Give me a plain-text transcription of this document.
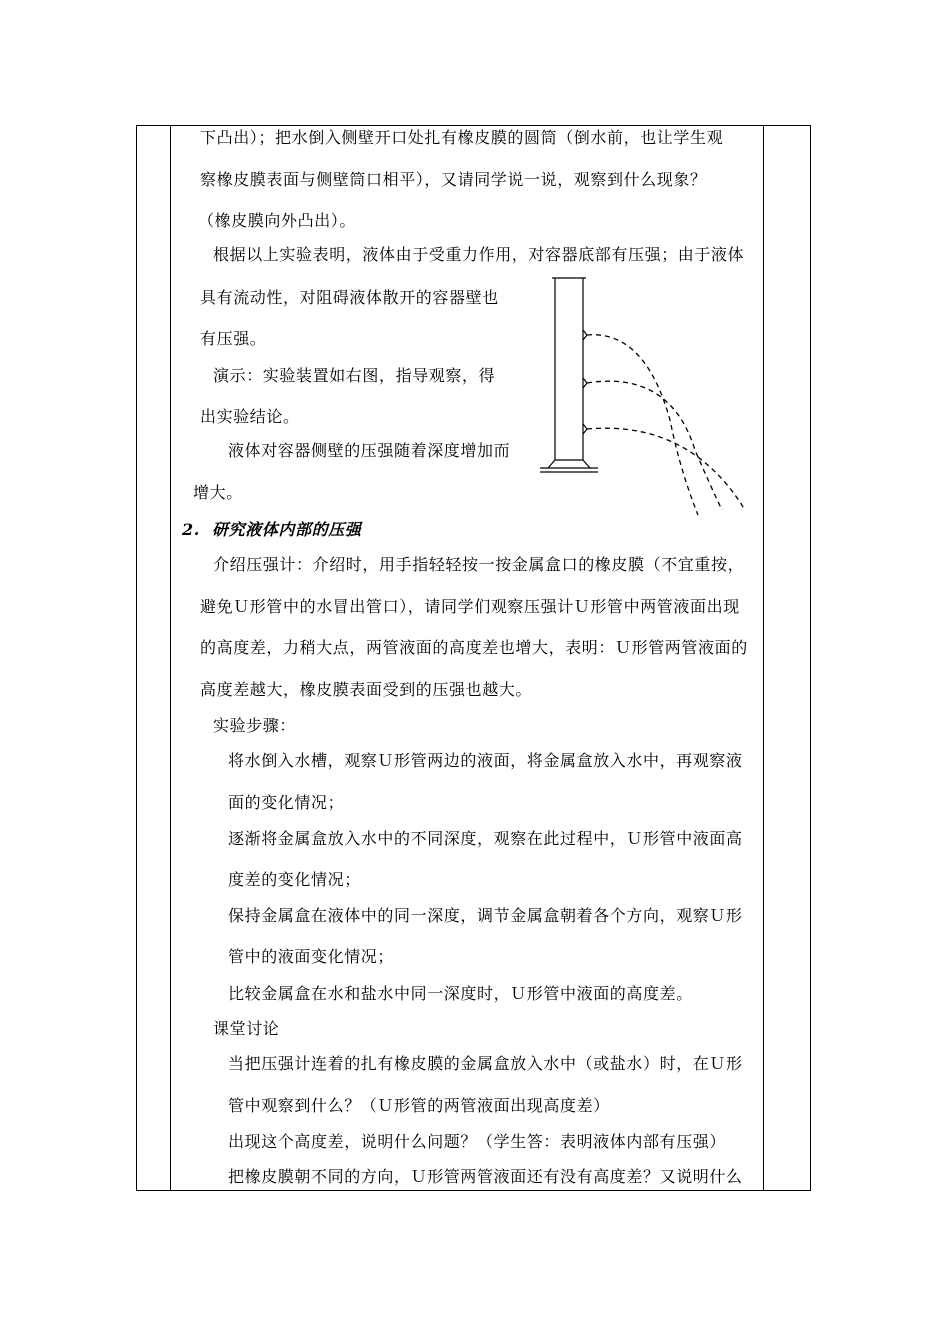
下凸出）；把水倒入侧壁开口处扎有橡皮膜的圆筒（倒水前，也让学生观
察橡皮膜表面与侧壁筒口相平），又请同学说一说，观察到什么现象？
（橡皮膜向外凸出）。
根据以上实验表明，液体由于受重力作用，对容器底部有压强；由于液体
具有流动性，对阻碍液体散开的容器壁也
有压强。
演示：实验装置如右图，指导观察，得
出实验结论。
液体对容器侧壁的压强随着深度增加而
增大。
2. 研究液体内部的压强
介绍压强计：介绍时，用手指轻轻按一按金属盒口的橡皮膜（不宜重按，
避免Ｕ形管中的水冒出管口），请同学们观察压强计Ｕ形管中两管液面出现
的高度差，力稍大点，两管液面的高度差也增大，表明：Ｕ形管两管液面的
高度差越大，橡皮膜表面受到的压强也越大。
实验步骤：
将水倒入水槽，观察Ｕ形管两边的液面，将金属盒放入水中，再观察液
面的变化情况；
逐渐将金属盒放入水中的不同深度，观察在此过程中，Ｕ形管中液面高
度差的变化情况；
保持金属盒在液体中的同一深度，调节金属盒朝着各个方向，观察Ｕ形
管中的液面变化情况；
比较金属盒在水和盐水中同一深度时，Ｕ形管中液面的高度差。
课堂讨论
当把压强计连着的扎有橡皮膜的金属盒放入水中（或盐水）时，在Ｕ形
管中观察到什么？（Ｕ形管的两管液面出现高度差）
出现这个高度差，说明什么问题？（学生答：表明液体内部有压强）
把橡皮膜朝不同的方向，Ｕ形管两管液面还有没有高度差？又说明什么
